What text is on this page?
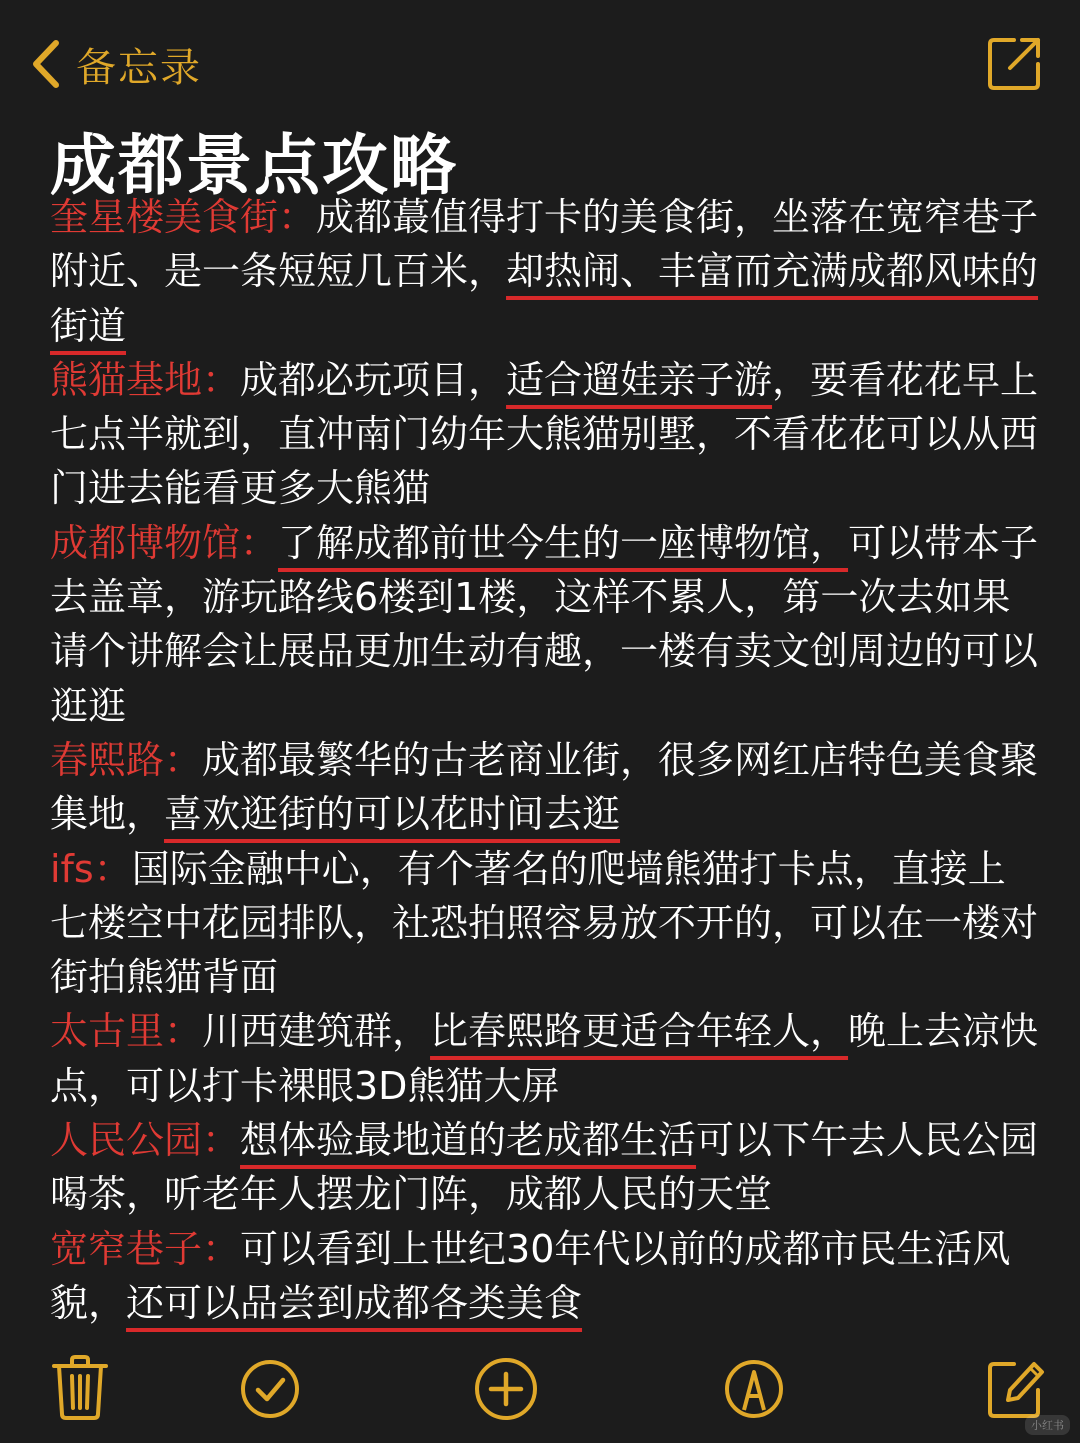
备忘录
成都景点攻略

奎星楼美食街：成都蕞值得打卡的美食街，坐落在宽窄巷子附近、是一条短短几百米，却热闹、丰富而充满成都风味的街道

熊猫基地：成都必玩项目，适合遛娃亲子游，要看花花早上七点半就到，直冲南门幼年大熊猫别墅，不看花花可以从西门进去能看更多大熊猫

成都博物馆：了解成都前世今生的一座博物馆，可以带本子去盖章，游玩路线6楼到1楼，这样不累人，第一次去如果请个讲解会让展品更加生动有趣，一楼有卖文创周边的可以逛逛

春熙路：成都最繁华的古老商业街，很多网红店特色美食聚集地，喜欢逛街的可以花时间去逛

ifs：国际金融中心，有个著名的爬墙熊猫打卡点，直接上七楼空中花园排队，社恐拍照容易放不开的，可以在一楼对街拍熊猫背面

太古里：川西建筑群，比春熙路更适合年轻人，晚上去凉快点，可以打卡裸眼3D熊猫大屏

人民公园：想体验最地道的老成都生活可以下午去人民公园喝茶，听老年人摆龙门阵，成都人民的天堂

宽窄巷子：可以看到上世纪30年代以前的成都市民生活风貌，还可以品尝到成都各类美食

小红书
